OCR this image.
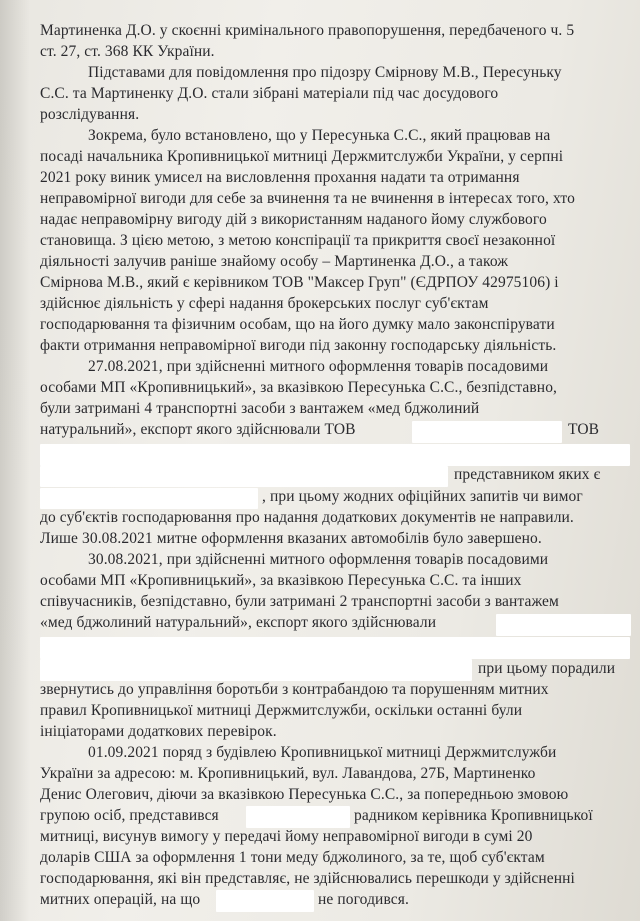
Мартиненка Д.О. у скоєнні кримінального правопорушення, передбаченого ч. 5
ст. 27, ст. 368 КК України.
Підставами для повідомлення про підозру Смірнову М.В., Пересуньку
С.С. та Мартиненку Д.О. стали зібрані матеріали під час досудового
розслідування.
Зокрема, було встановлено, що у Пересунька С.С., який працював на
посаді начальника Кропивницької митниці Держмитслужби України, у серпні
2021 року виник умисел на висловлення прохання надати та отримання
неправомірної вигоди для себе за вчинення та не вчинення в інтересах того, хто
надає неправомірну вигоду дій з використанням наданого йому службового
становища. З цією метою, з метою конспірації та прикриття своєї незаконної
діяльності залучив раніше знайому особу – Мартиненка Д.О., а також
Смірнова М.В., який є керівником ТОВ "Максер Груп" (ЄДРПОУ 42975106) і
здійснює діяльність у сфері надання брокерських послуг суб'єктам
господарювання та фізичним особам, що на його думку мало законспірувати
факти отримання неправомірної вигоди під законну господарську діяльність.
27.08.2021, при здійсненні митного оформлення товарів посадовими
особами МП «Кропивницький», за вказівкою Пересунька С.С., безпідставно,
були затримані 4 транспортні засоби з вантажем «мед бджолиний
натуральний», експорт якого здійснювали ТОВ	ТОВ
представником яких є
, при цьому жодних офіційних запитів чи вимог
до суб'єктів господарювання про надання додаткових документів не направили.
Лише 30.08.2021 митне оформлення вказаних автомобілів було завершено.
30.08.2021, при здійсненні митного оформлення товарів посадовими
особами МП «Кропивницький», за вказівкою Пересунька С.С. та інших
співучасників, безпідставно, були затримані 2 транспортні засоби з вантажем
«мед бджолиний натуральний», експорт якого здійснювали
при цьому порадили
звернутись до управління боротьби з контрабандою та порушенням митних
правил Кропивницької митниці Держмитслужби, оскільки останні були
ініціаторами додаткових перевірок.
01.09.2021 поряд з будівлею Кропивницької митниці Держмитслужби
України за адресою: м. Кропивницький, вул. Лавандова, 27Б, Мартиненко
Денис Олегович, діючи за вказівкою Пересунька С.С., за попередньою змовою
групою осіб, представився	радником керівника Кропивницької
митниці, висунув вимогу у передачі йому неправомірної вигоди в сумі 20
доларів США за оформлення 1 тони меду бджолиного, за те, щоб суб'єктам
господарювання, які він представляє, не здійснювались перешкоди у здійсненні
митних операцій, на що	не погодився.
